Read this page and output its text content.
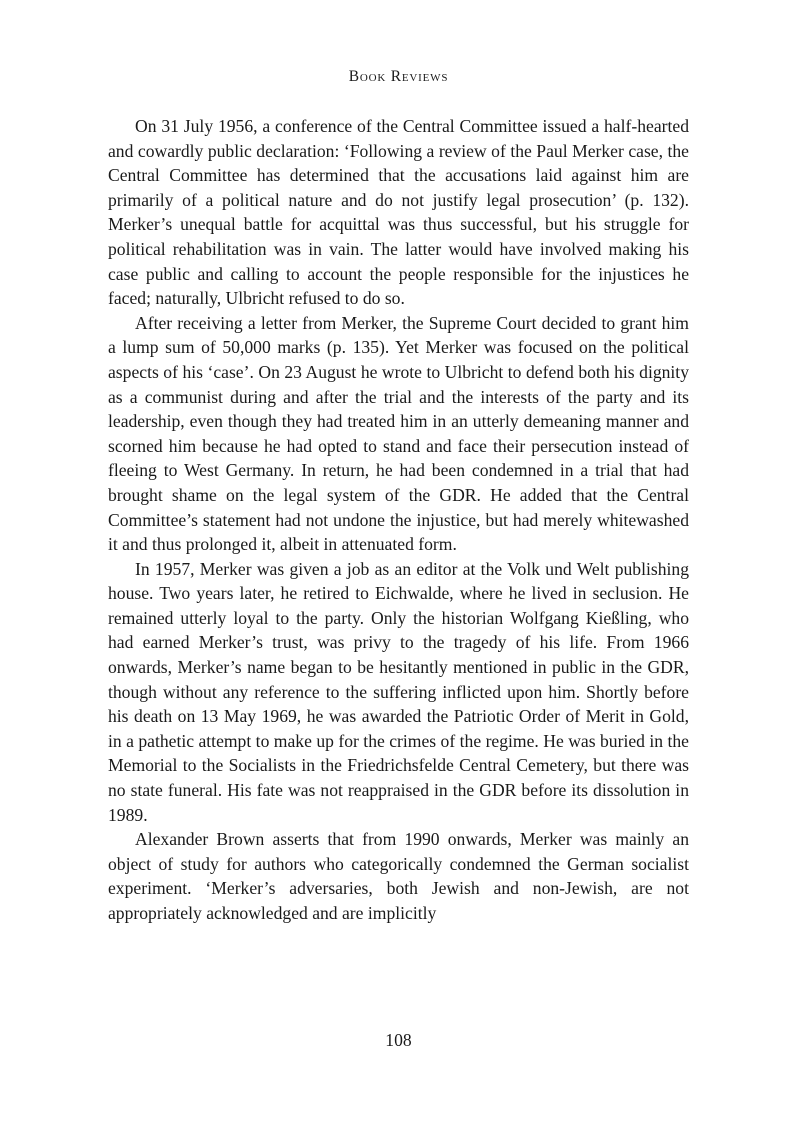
Book Reviews

On 31 July 1956, a conference of the Central Committee issued a half-hearted and cowardly public declaration: ‘Following a review of the Paul Merker case, the Central Committee has determined that the accusations laid against him are primarily of a political nature and do not justify legal prosecution’ (p. 132). Merker’s unequal battle for acquittal was thus successful, but his struggle for political rehabilitation was in vain. The latter would have involved making his case public and calling to account the people responsible for the injustices he faced; naturally, Ulbricht refused to do so.

After receiving a letter from Merker, the Supreme Court decided to grant him a lump sum of 50,000 marks (p. 135). Yet Merker was focused on the political aspects of his ‘case’. On 23 August he wrote to Ulbricht to defend both his dignity as a communist during and after the trial and the interests of the party and its leadership, even though they had treated him in an utterly demeaning manner and scorned him because he had opted to stand and face their persecution instead of fleeing to West Germany. In return, he had been condemned in a trial that had brought shame on the legal system of the GDR. He added that the Central Committee’s statement had not undone the injustice, but had merely whitewashed it and thus prolonged it, albeit in attenuated form.

In 1957, Merker was given a job as an editor at the Volk und Welt publishing house. Two years later, he retired to Eichwalde, where he lived in seclusion. He remained utterly loyal to the party. Only the historian Wolfgang Kießling, who had earned Merker’s trust, was privy to the tragedy of his life. From 1966 onwards, Merker’s name began to be hesitantly mentioned in public in the GDR, though without any reference to the suffering inflicted upon him. Shortly before his death on 13 May 1969, he was awarded the Patriotic Order of Merit in Gold, in a pathetic attempt to make up for the crimes of the regime. He was buried in the Memorial to the Socialists in the Friedrichsfelde Central Cemetery, but there was no state funeral. His fate was not reappraised in the GDR before its dissolution in 1989.

Alexander Brown asserts that from 1990 onwards, Merker was mainly an object of study for authors who categorically condemned the German socialist experiment. ‘Merker’s adversaries, both Jewish and non-Jewish, are not appropriately acknowledged and are implicitly

108
